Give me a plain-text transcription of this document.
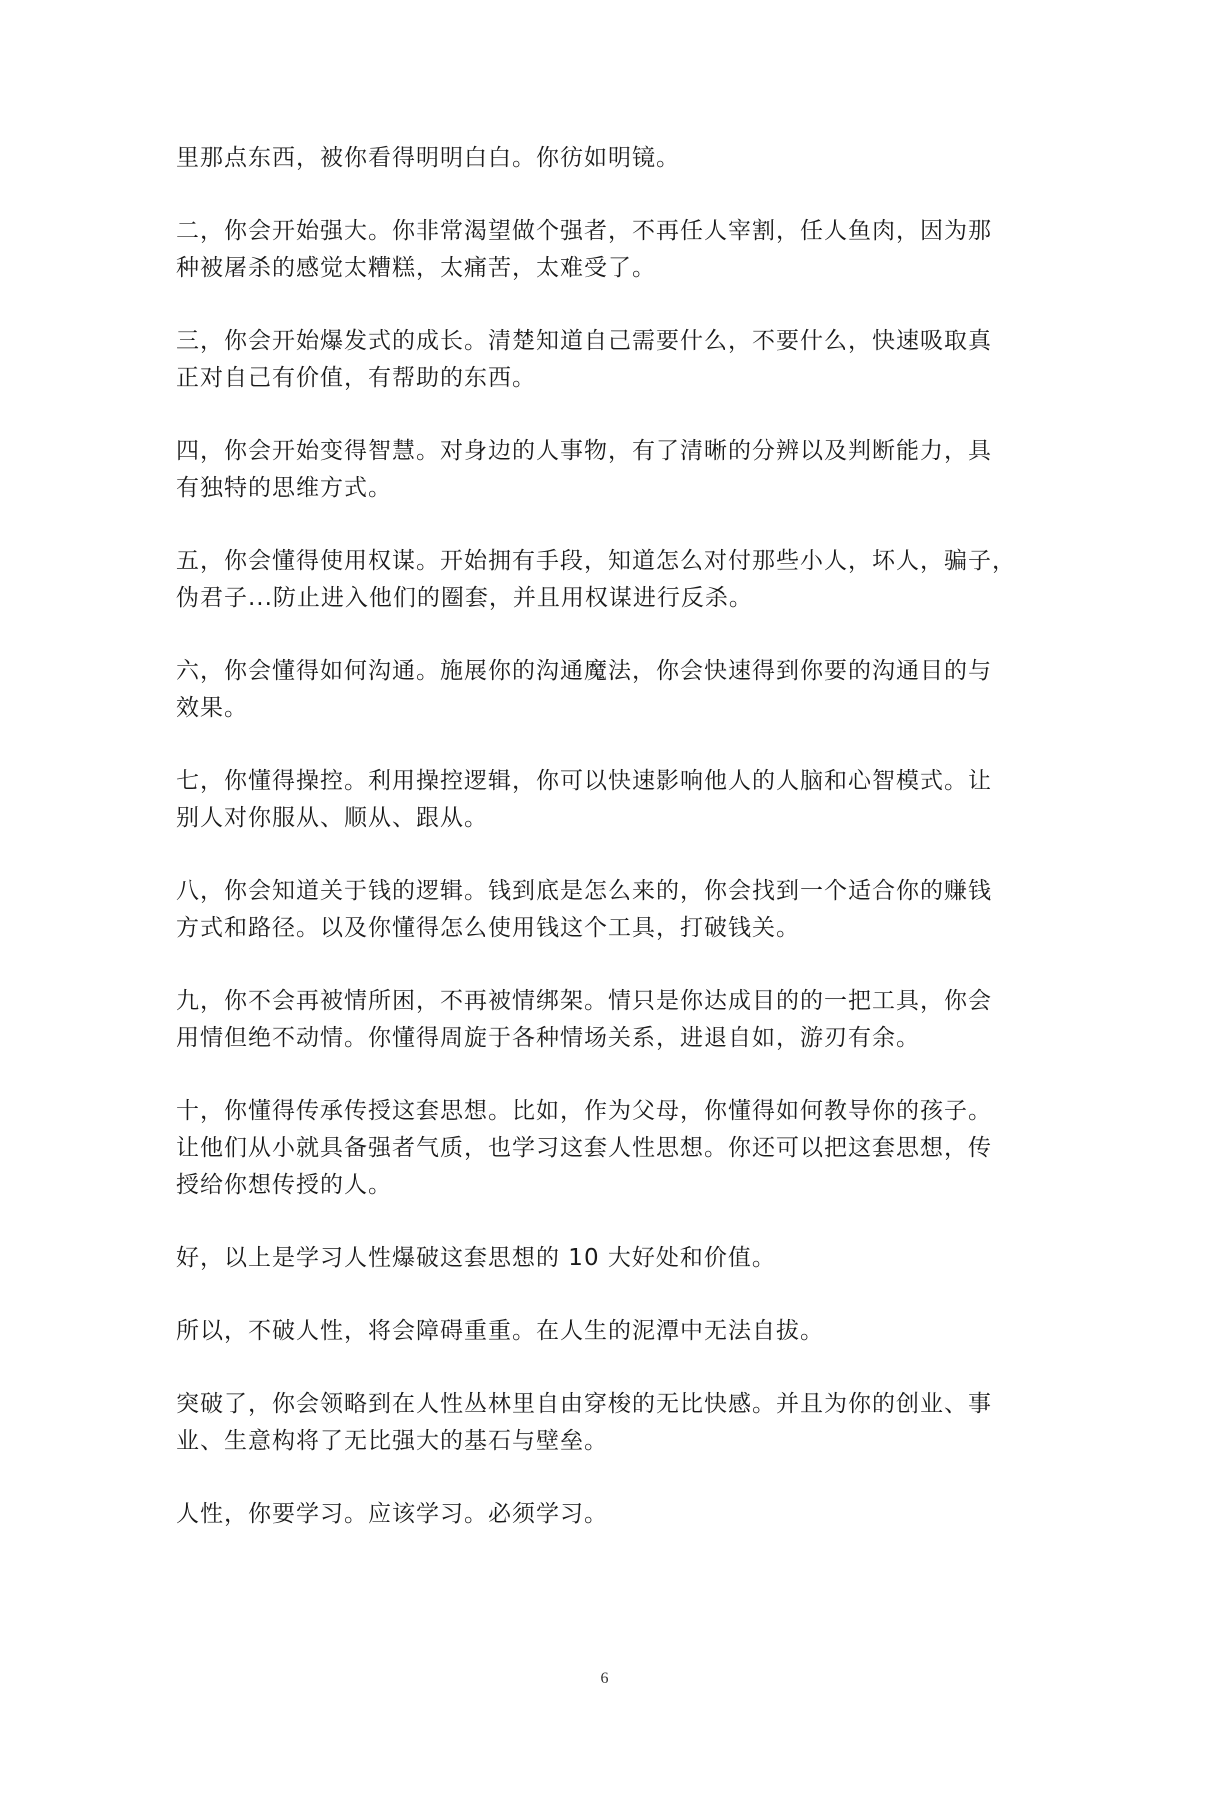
里那点东西，被你看得明明白白。你彷如明镜。

二，你会开始强大。你非常渴望做个强者，不再任人宰割，任人鱼肉，因为那
种被屠杀的感觉太糟糕，太痛苦，太难受了。

三，你会开始爆发式的成长。清楚知道自己需要什么，不要什么，快速吸取真
正对自己有价值，有帮助的东西。

四，你会开始变得智慧。对身边的人事物，有了清晰的分辨以及判断能力，具
有独特的思维方式。

五，你会懂得使用权谋。开始拥有手段，知道怎么对付那些小人，坏人，骗子，
伪君子...防止进入他们的圈套，并且用权谋进行反杀。

六，你会懂得如何沟通。施展你的沟通魔法，你会快速得到你要的沟通目的与
效果。

七，你懂得操控。利用操控逻辑，你可以快速影响他人的人脑和心智模式。让
别人对你服从、顺从、跟从。

八，你会知道关于钱的逻辑。钱到底是怎么来的，你会找到一个适合你的赚钱
方式和路径。以及你懂得怎么使用钱这个工具，打破钱关。

九，你不会再被情所困，不再被情绑架。情只是你达成目的的一把工具，你会
用情但绝不动情。你懂得周旋于各种情场关系，进退自如，游刃有余。

十，你懂得传承传授这套思想。比如，作为父母，你懂得如何教导你的孩子。
让他们从小就具备强者气质，也学习这套人性思想。你还可以把这套思想，传
授给你想传授的人。

好，以上是学习人性爆破这套思想的 10 大好处和价值。

所以，不破人性，将会障碍重重。在人生的泥潭中无法自拔。

突破了，你会领略到在人性丛林里自由穿梭的无比快感。并且为你的创业、事
业、生意构将了无比强大的基石与壁垒。

人性，你要学习。应该学习。必须学习。

6
